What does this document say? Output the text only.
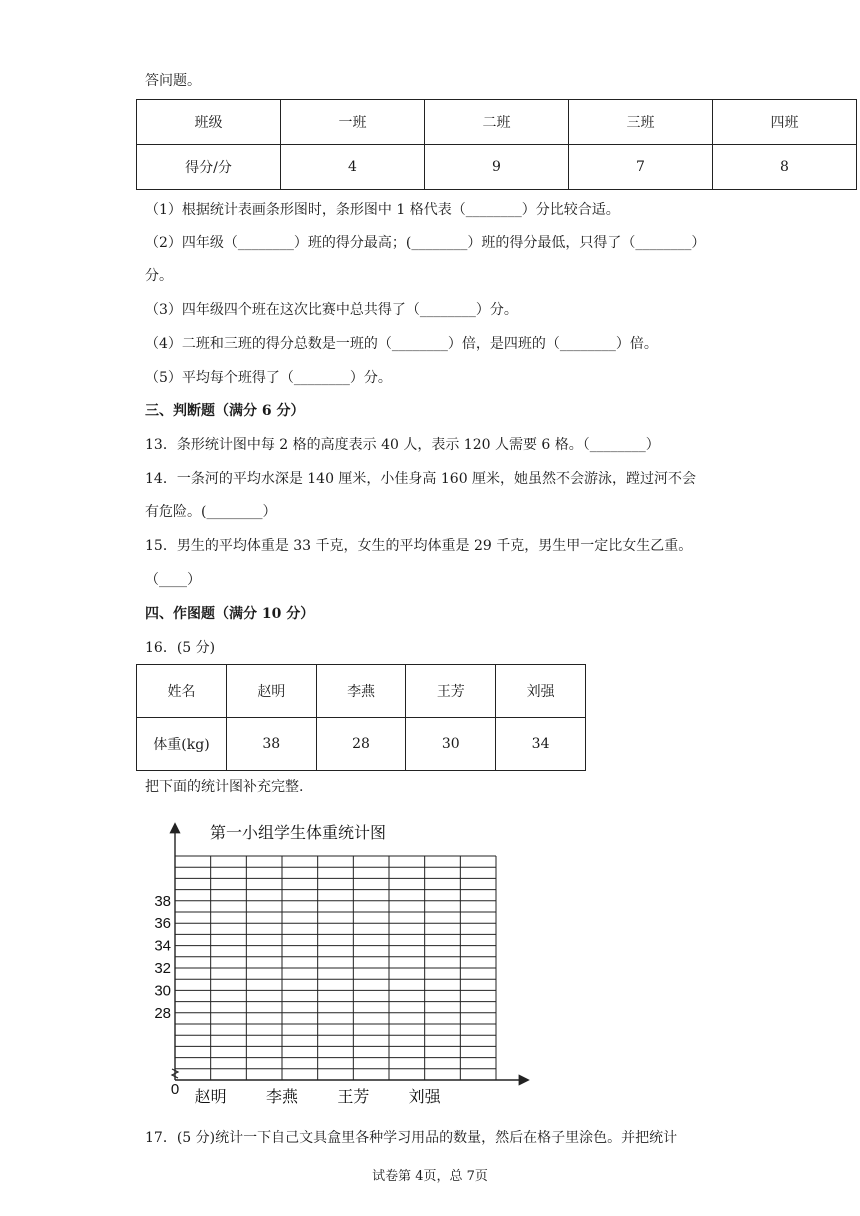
答问题。
班级	一班	二班	三班	四班
得分/分	4	9	7	8
（1）根据统计表画条形图时，条形图中 1 格代表（________）分比较合适。
（2）四年级（________）班的得分最高；(________）班的得分最低，只得了（________）
分。
（3）四年级四个班在这次比赛中总共得了（________）分。
（4）二班和三班的得分总数是一班的（________）倍，是四班的（________）倍。
（5）平均每个班得了（________）分。
三、判断题（满分 6 分）
13．条形统计图中每 2 格的高度表示 40 人，表示 120 人需要 6 格。（________）
14．一条河的平均水深是 140 厘米，小佳身高 160 厘米，她虽然不会游泳，蹚过河不会
有危险。(________）
15．男生的平均体重是 33 千克，女生的平均体重是 29 千克，男生甲一定比女生乙重。
（____）
四、作图题（满分 10 分）
16．(5 分)
姓名	赵明	李燕	王芳	刘强
体重(kg)	38	28	30	34
把下面的统计图补充完整.
第一小组学生体重统计图
0
38
36
34
32
30
28
赵明 李燕 王芳 刘强
17．(5 分)统计一下自己文具盒里各种学习用品的数量，然后在格子里涂色。并把统计
试卷第 4页，总 7页
